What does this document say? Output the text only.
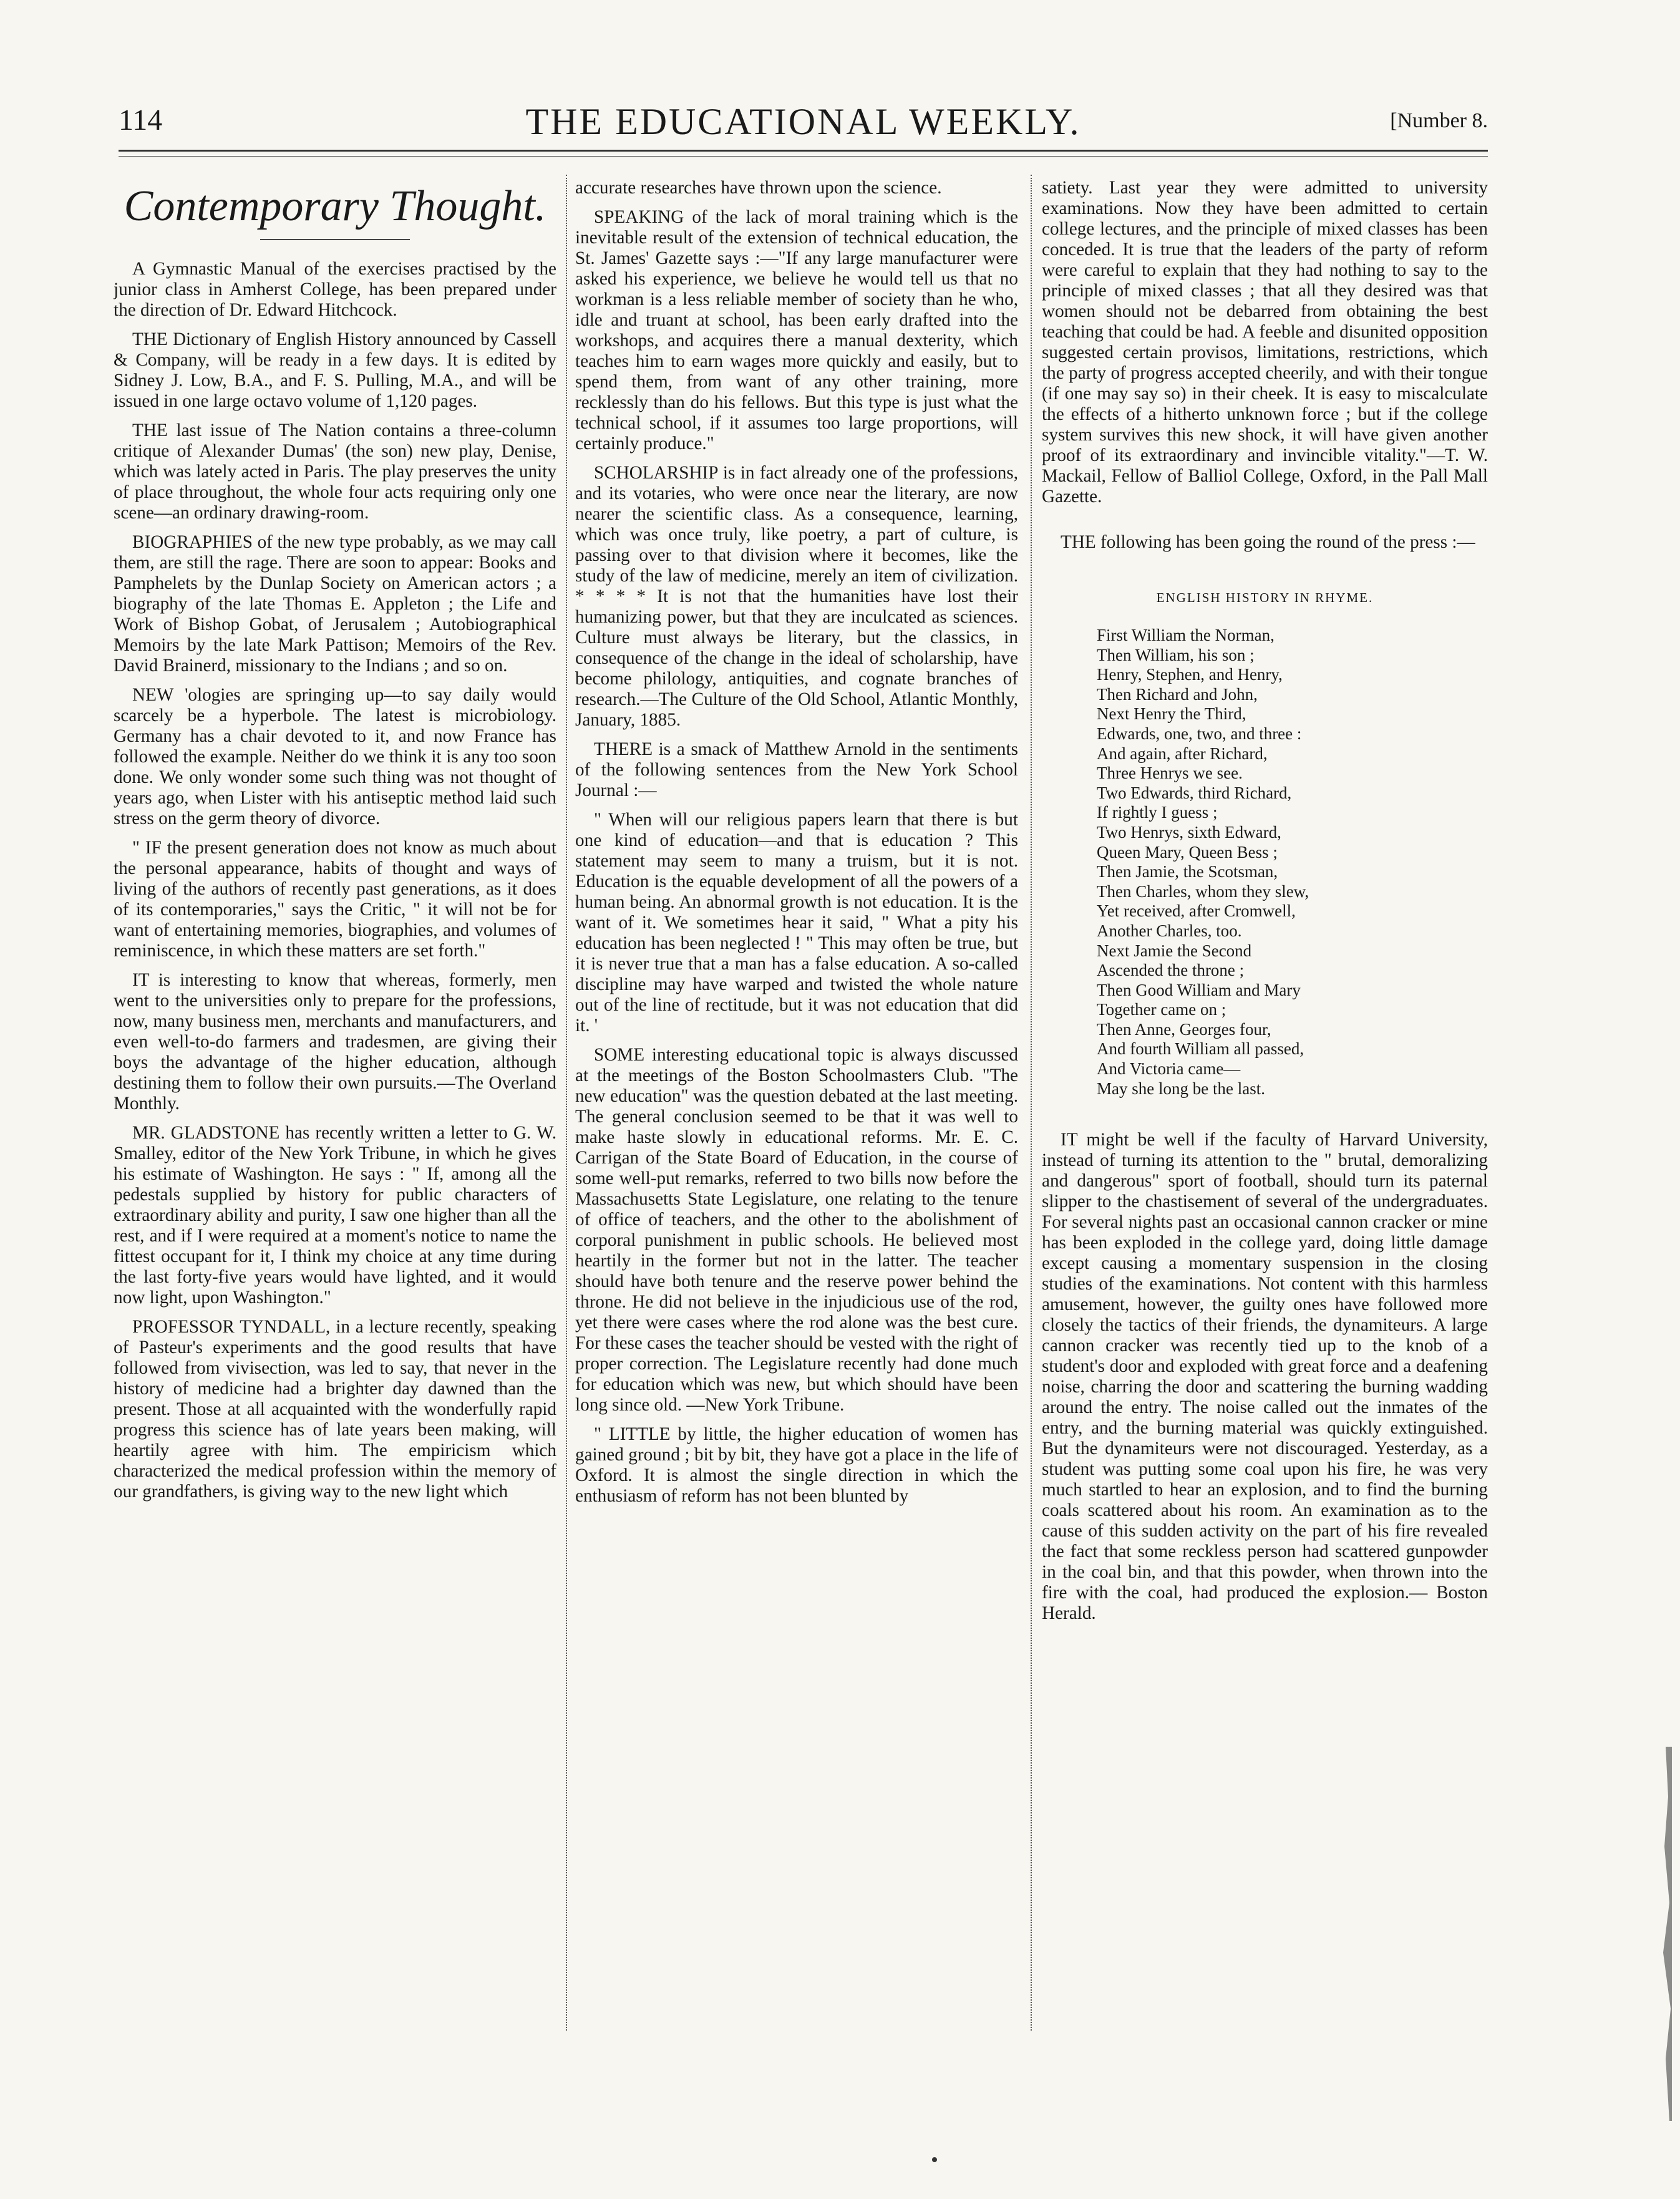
114	THE EDUCATIONAL WEEKLY.	[Number 8.
Contemporary Thought.

A Gymnastic Manual of the exercises practised by the junior class in Amherst College, has been prepared under the direction of Dr. Edward Hitchcock.

THE Dictionary of English History announced by Cassell & Company, will be ready in a few days. It is edited by Sidney J. Low, B.A., and F. S. Pulling, M.A., and will be issued in one large octavo volume of 1,120 pages.

THE last issue of The Nation contains a three-column critique of Alexander Dumas' (the son) new play, Denise, which was lately acted in Paris. The play preserves the unity of place throughout, the whole four acts requiring only one scene—an ordinary drawing-room.

BIOGRAPHIES of the new type probably, as we may call them, are still the rage. There are soon to appear: Books and Pamphelets by the Dunlap Society on American actors ; a biography of the late Thomas E. Appleton ; the Life and Work of Bishop Gobat, of Jerusalem ; Autobiographical Memoirs by the late Mark Pattison; Memoirs of the Rev. David Brainerd, missionary to the Indians ; and so on.

NEW 'ologies are springing up—to say daily would scarcely be a hyperbole. The latest is microbiology. Germany has a chair devoted to it, and now France has followed the example. Neither do we think it is any too soon done. We only wonder some such thing was not thought of years ago, when Lister with his antiseptic method laid such stress on the germ theory of divorce.

" IF the present generation does not know as much about the personal appearance, habits of thought and ways of living of the authors of recently past generations, as it does of its contemporaries," says the Critic, " it will not be for want of entertaining memories, biographies, and volumes of reminiscence, in which these matters are set forth."

IT is interesting to know that whereas, formerly, men went to the universities only to prepare for the professions, now, many business men, merchants and manufacturers, and even well-to-do farmers and tradesmen, are giving their boys the advantage of the higher education, although destining them to follow their own pursuits.—The Overland Monthly.

MR. GLADSTONE has recently written a letter to G. W. Smalley, editor of the New York Tribune, in which he gives his estimate of Washington. He says : " If, among all the pedestals supplied by history for public characters of extraordinary ability and purity, I saw one higher than all the rest, and if I were required at a moment's notice to name the fittest occupant for it, I think my choice at any time during the last forty-five years would have lighted, and it would now light, upon Washington."

PROFESSOR TYNDALL, in a lecture recently, speaking of Pasteur's experiments and the good results that have followed from vivisection, was led to say, that never in the history of medicine had a brighter day dawned than the present. Those at all acquainted with the wonderfully rapid progress this science has of late years been making, will heartily agree with him. The empiricism which characterized the medical profession within the memory of our grandfathers, is giving way to the new light which

accurate researches have thrown upon the science.

SPEAKING of the lack of moral training which is the inevitable result of the extension of technical education, the St. James' Gazette says :—"If any large manufacturer were asked his experience, we believe he would tell us that no workman is a less reliable member of society than he who, idle and truant at school, has been early drafted into the workshops, and acquires there a manual dexterity, which teaches him to earn wages more quickly and easily, but to spend them, from want of any other training, more recklessly than do his fellows. But this type is just what the technical school, if it assumes too large proportions, will certainly produce."

SCHOLARSHIP is in fact already one of the professions, and its votaries, who were once near the literary, are now nearer the scientific class. As a consequence, learning, which was once truly, like poetry, a part of culture, is passing over to that division where it becomes, like the study of the law of medicine, merely an item of civilization. * * * * It is not that the humanities have lost their humanizing power, but that they are inculcated as sciences. Culture must always be literary, but the classics, in consequence of the change in the ideal of scholarship, have become philology, antiquities, and cognate branches of research.—The Culture of the Old School, Atlantic Monthly, January, 1885.

THERE is a smack of Matthew Arnold in the sentiments of the following sentences from the New York School Journal :—

" When will our religious papers learn that there is but one kind of education—and that is education ? This statement may seem to many a truism, but it is not. Education is the equable development of all the powers of a human being. An abnormal growth is not education. It is the want of it. We sometimes hear it said, " What a pity his education has been neglected ! " This may often be true, but it is never true that a man has a false education. A so-called discipline may have warped and twisted the whole nature out of the line of rectitude, but it was not education that did it. '

SOME interesting educational topic is always discussed at the meetings of the Boston Schoolmasters Club. "The new education" was the question debated at the last meeting. The general conclusion seemed to be that it was well to make haste slowly in educational reforms. Mr. E. C. Carrigan of the State Board of Education, in the course of some well-put remarks, referred to two bills now before the Massachusetts State Legislature, one relating to the tenure of office of teachers, and the other to the abolishment of corporal punishment in public schools. He believed most heartily in the former but not in the latter. The teacher should have both tenure and the reserve power behind the throne. He did not believe in the injudicious use of the rod, yet there were cases where the rod alone was the best cure. For these cases the teacher should be vested with the right of proper correction. The Legislature recently had done much for education which was new, but which should have been long since old. —New York Tribune.

" LITTLE by little, the higher education of women has gained ground ; bit by bit, they have got a place in the life of Oxford. It is almost the single direction in which the enthusiasm of reform has not been blunted by

satiety. Last year they were admitted to university examinations. Now they have been admitted to certain college lectures, and the principle of mixed classes has been conceded. It is true that the leaders of the party of reform were careful to explain that they had nothing to say to the principle of mixed classes ; that all they desired was that women should not be debarred from obtaining the best teaching that could be had. A feeble and disunited opposition suggested certain provisos, limitations, restrictions, which the party of progress accepted cheerily, and with their tongue (if one may say so) in their cheek. It is easy to miscalculate the effects of a hitherto unknown force ; but if the college system survives this new shock, it will have given another proof of its extraordinary and invincible vitality."—T. W. Mackail, Fellow of Balliol College, Oxford, in the Pall Mall Gazette.

THE following has been going the round of the press :—

ENGLISH HISTORY IN RHYME.
First William the Norman,
Then William, his son ;
Henry, Stephen, and Henry,
Then Richard and John,
Next Henry the Third,
Edwards, one, two, and three :
And again, after Richard,
Three Henrys we see.
Two Edwards, third Richard,
If rightly I guess ;
Two Henrys, sixth Edward,
Queen Mary, Queen Bess ;
Then Jamie, the Scotsman,
Then Charles, whom they slew,
Yet received, after Cromwell,
Another Charles, too.
Next Jamie the Second
Ascended the throne ;
Then Good William and Mary
Together came on ;
Then Anne, Georges four,
And fourth William all passed,
And Victoria came—
May she long be the last.

IT might be well if the faculty of Harvard University, instead of turning its attention to the " brutal, demoralizing and dangerous" sport of football, should turn its paternal slipper to the chastisement of several of the undergraduates. For several nights past an occasional cannon cracker or mine has been exploded in the college yard, doing little damage except causing a momentary suspension in the closing studies of the examinations. Not content with this harmless amusement, however, the guilty ones have followed more closely the tactics of their friends, the dynamiteurs. A large cannon cracker was recently tied up to the knob of a student's door and exploded with great force and a deafening noise, charring the door and scattering the burning wadding around the entry. The noise called out the inmates of the entry, and the burning material was quickly extinguished. But the dynamiteurs were not discouraged. Yesterday, as a student was putting some coal upon his fire, he was very much startled to hear an explosion, and to find the burning coals scattered about his room. An examination as to the cause of this sudden activity on the part of his fire revealed the fact that some reckless person had scattered gunpowder in the coal bin, and that this powder, when thrown into the fire with the coal, had produced the explosion.— Boston Herald.
